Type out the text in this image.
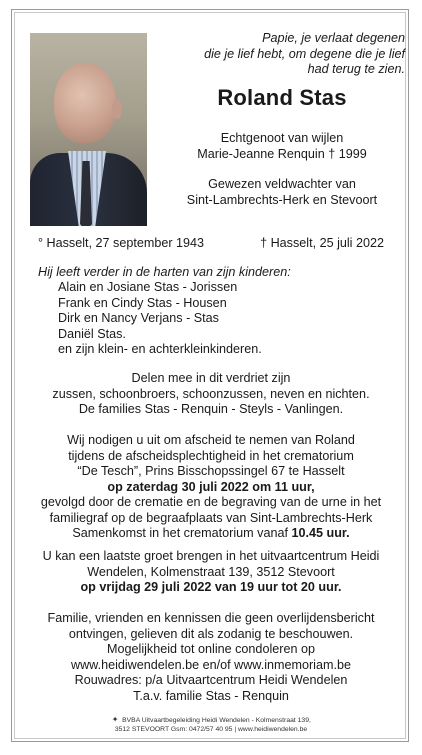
Papie, je verlaat degenen
die je lief hebt, om degene die je lief
had terug te zien.
Roland Stas
Echtgenoot van wijlen
Marie-Jeanne Renquin † 1999
Gewezen veldwachter van
Sint-Lambrechts-Herk en Stevoort
° Hasselt, 27 september 1943	† Hasselt, 25 juli 2022
Hij leeft verder in de harten van zijn kinderen:
Alain en Josiane Stas - Jorissen
Frank en Cindy Stas - Housen
Dirk en Nancy Verjans - Stas
Daniël Stas.
en zijn klein- en achterkleinkinderen.
Delen mee in dit verdriet zijn
zussen, schoonbroers, schoonzussen, neven en nichten.
De families Stas - Renquin - Steyls - Vanlingen.
Wij nodigen u uit om afscheid te nemen van Roland
tijdens de afscheidsplechtigheid in het crematorium
“De Tesch”, Prins Bisschopssingel 67 te Hasselt
op zaterdag 30 juli 2022 om 11 uur,
gevolgd door de crematie en de begraving van de urne in het
familiegraf op de begraafplaats van Sint-Lambrechts-Herk
Samenkomst in het crematorium vanaf 10.45 uur.
U kan een laatste groet brengen in het uitvaartcentrum Heidi
Wendelen, Kolmenstraat 139, 3512 Stevoort
op vrijdag 29 juli 2022 van 19 uur tot 20 uur.
Familie, vrienden en kennissen die geen overlijdensbericht
ontvingen, gelieven dit als zodanig te beschouwen.
Mogelijkheid tot online condoleren op
www.heidiwendelen.be en/of www.inmemoriam.be
Rouwadres: p/a Uitvaartcentrum Heidi Wendelen
T.a.v. familie Stas - Renquin
✦ BVBA Uitvaartbegeleiding Heidi Wendelen - Kolmenstraat 139,
3512 STEVOORT Gsm: 0472/57 40 95 | www.heidiwendelen.be
